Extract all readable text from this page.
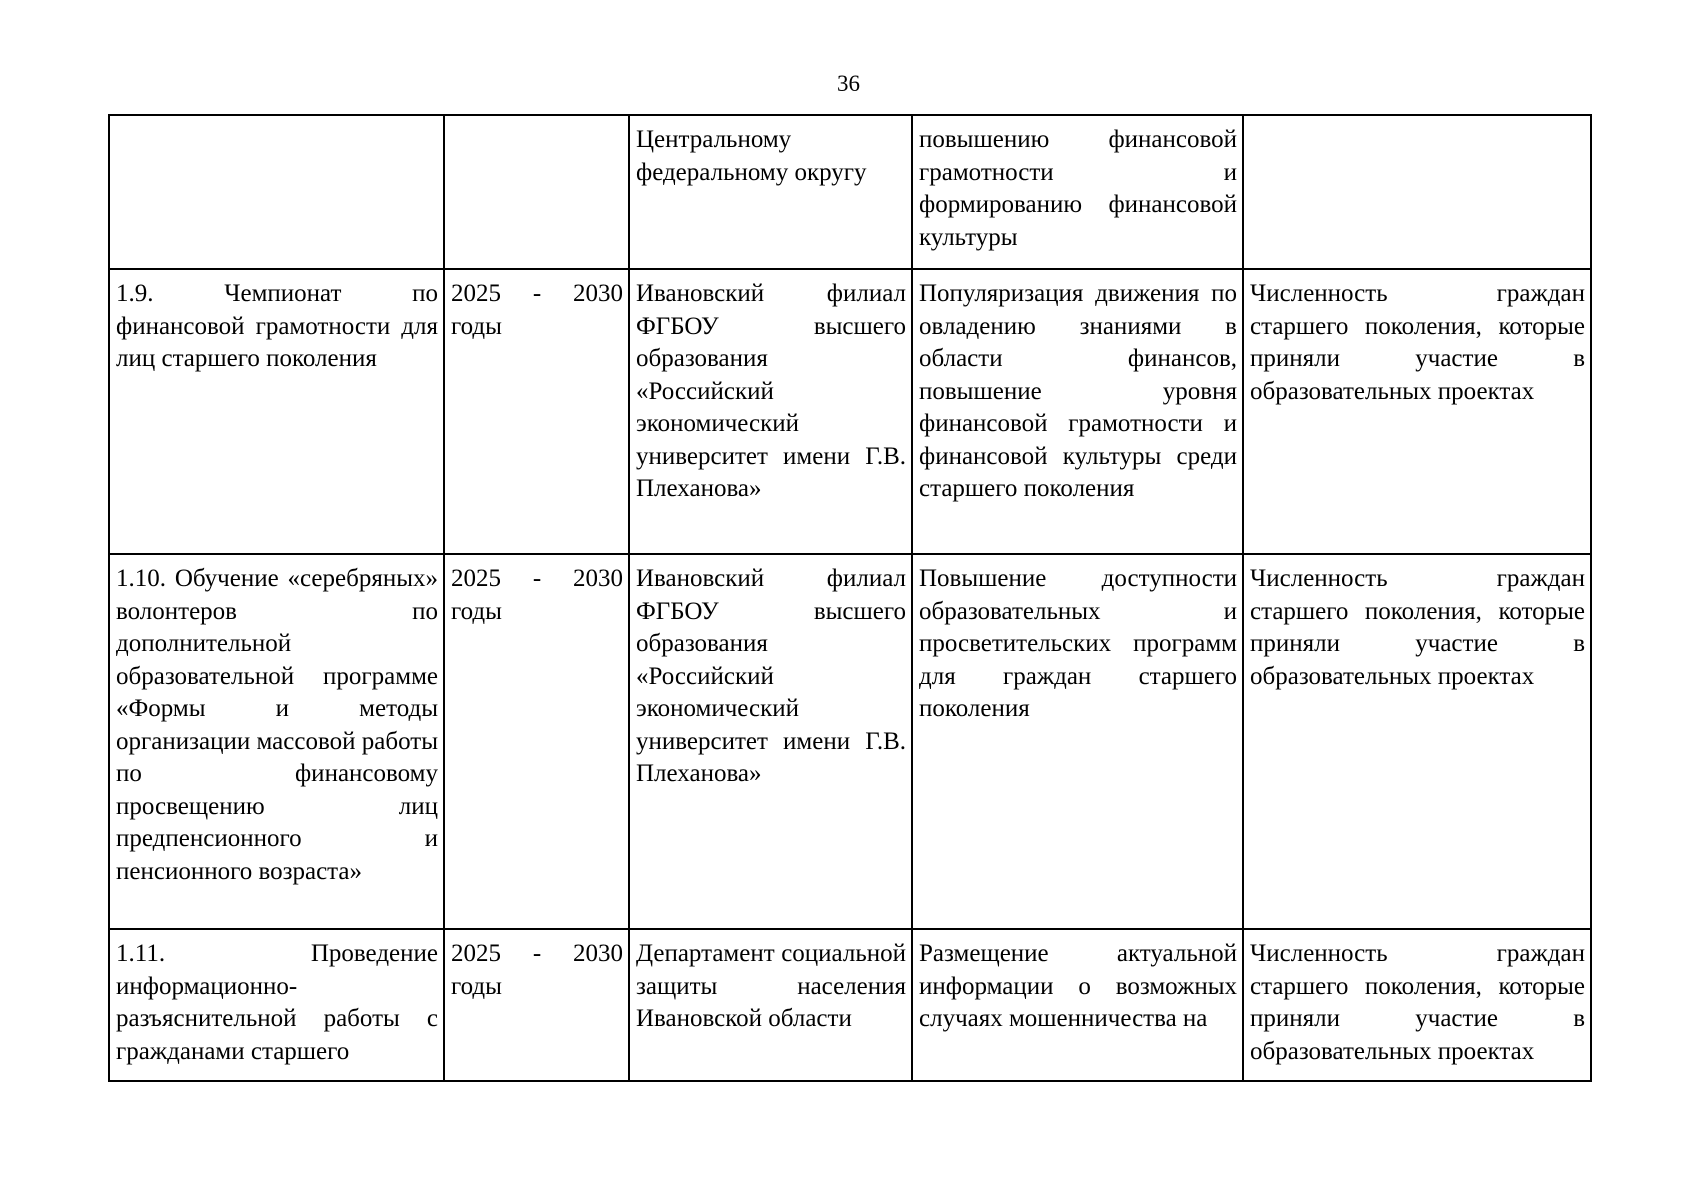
36
		Центральному федеральному округу	повышению финансовой грамотности и формированию финансовой культуры	
1.9. Чемпионат по финансовой грамотности для лиц старшего поколения	2025 - 2030 годы	Ивановский филиал ФГБОУ высшего образования «Российский экономический университет имени Г.В. Плеханова»	Популяризация движения по овладению знаниями в области финансов, повышение уровня финансовой грамотности и финансовой культуры среди старшего поколения	Численность граждан старшего поколения, которые приняли участие в образовательных проектах
1.10. Обучение «серебряных» волонтеров по дополнительной образовательной программе «Формы и методы организации массовой работы по финансовому просвещению лиц предпенсионного и пенсионного возраста»	2025 - 2030 годы	Ивановский филиал ФГБОУ высшего образования «Российский экономический университет имени Г.В. Плеханова»	Повышение доступности образовательных и просветительских программ для граждан старшего поколения	Численность граждан старшего поколения, которые приняли участие в образовательных проектах
1.11. Проведение информационно-разъяснительной работы с гражданами старшего	2025 - 2030 годы	Департамент социальной защиты населения Ивановской области	Размещение актуальной информации о возможных случаях мошенничества на	Численность граждан старшего поколения, которые приняли участие в образовательных проектах
